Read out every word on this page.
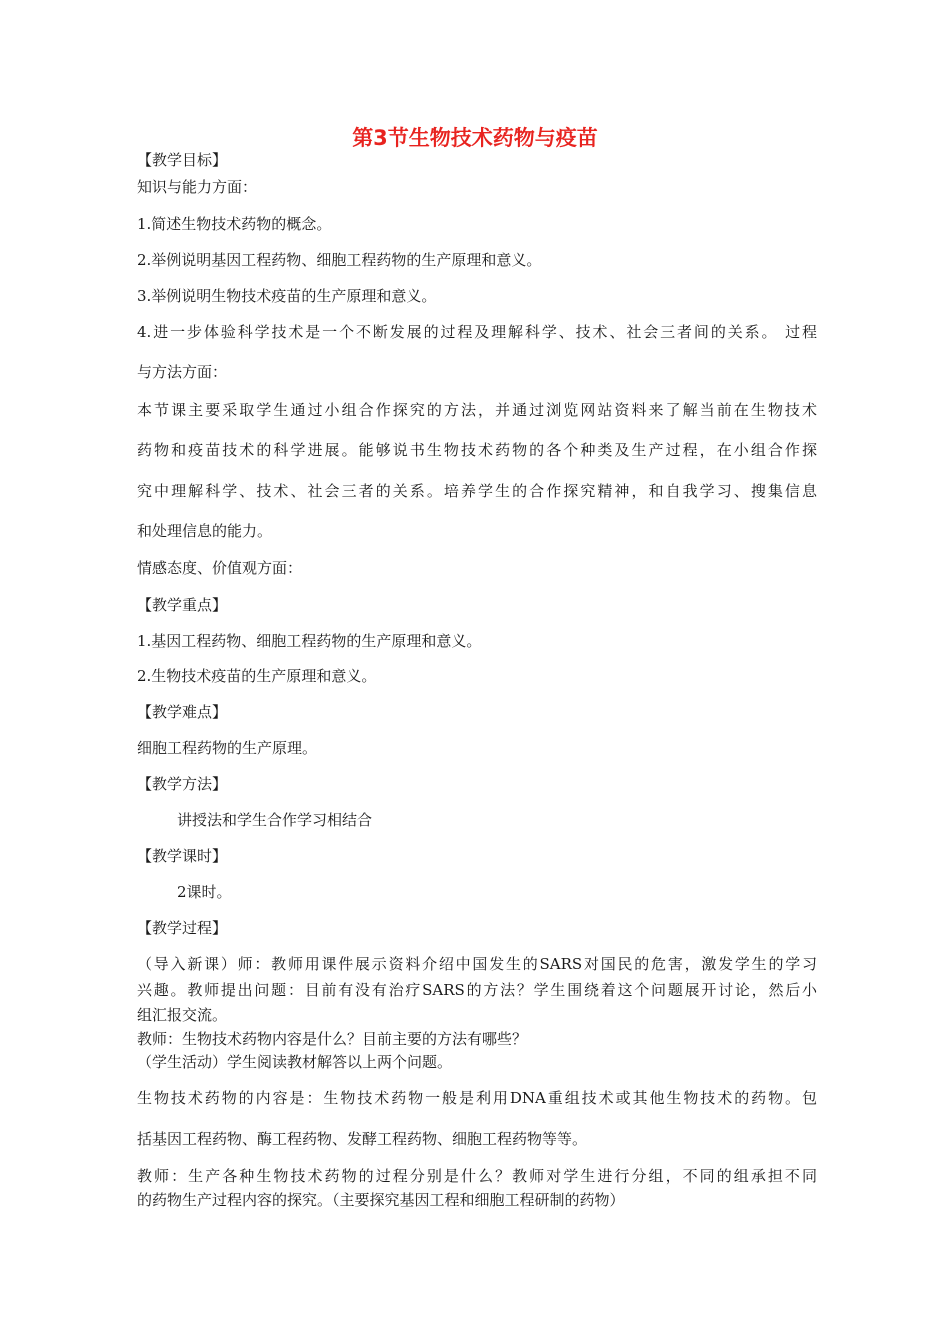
第3节生物技术药物与疫苗

【教学目标】

知识与能力方面：

1.简述生物技术药物的概念。

2.举例说明基因工程药物、细胞工程药物的生产原理和意义。

3.举例说明生物技术疫苗的生产原理和意义。

4.进一步体验科学技术是一个不断发展的过程及理解科学、技术、社会三者间的关系。 过程

与方法方面：

本节课主要采取学生通过小组合作探究的方法，并通过浏览网站资料来了解当前在生物技术

药物和疫苗技术的科学进展。能够说书生物技术药物的各个种类及生产过程，在小组合作探

究中理解科学、技术、社会三者的关系。培养学生的合作探究精神，和自我学习、搜集信息

和处理信息的能力。

情感态度、价值观方面：

【教学重点】

1.基因工程药物、细胞工程药物的生产原理和意义。

2.生物技术疫苗的生产原理和意义。

【教学难点】

细胞工程药物的生产原理。

【教学方法】

讲授法和学生合作学习相结合

【教学课时】

2课时。

【教学过程】

（导入新课）师：教师用课件展示资料介绍中国发生的SARS对国民的危害，激发学生的学习

兴趣。教师提出问题：目前有没有治疗SARS的方法？学生围绕着这个问题展开讨论，然后小

组汇报交流。

教师：生物技术药物内容是什么？目前主要的方法有哪些？

（学生活动）学生阅读教材解答以上两个问题。

生物技术药物的内容是：生物技术药物一般是利用DNA重组技术或其他生物技术的药物。包

括基因工程药物、酶工程药物、发酵工程药物、细胞工程药物等等。

教师：生产各种生物技术药物的过程分别是什么？教师对学生进行分组，不同的组承担不同

的药物生产过程内容的探究。（主要探究基因工程和细胞工程研制的药物）
